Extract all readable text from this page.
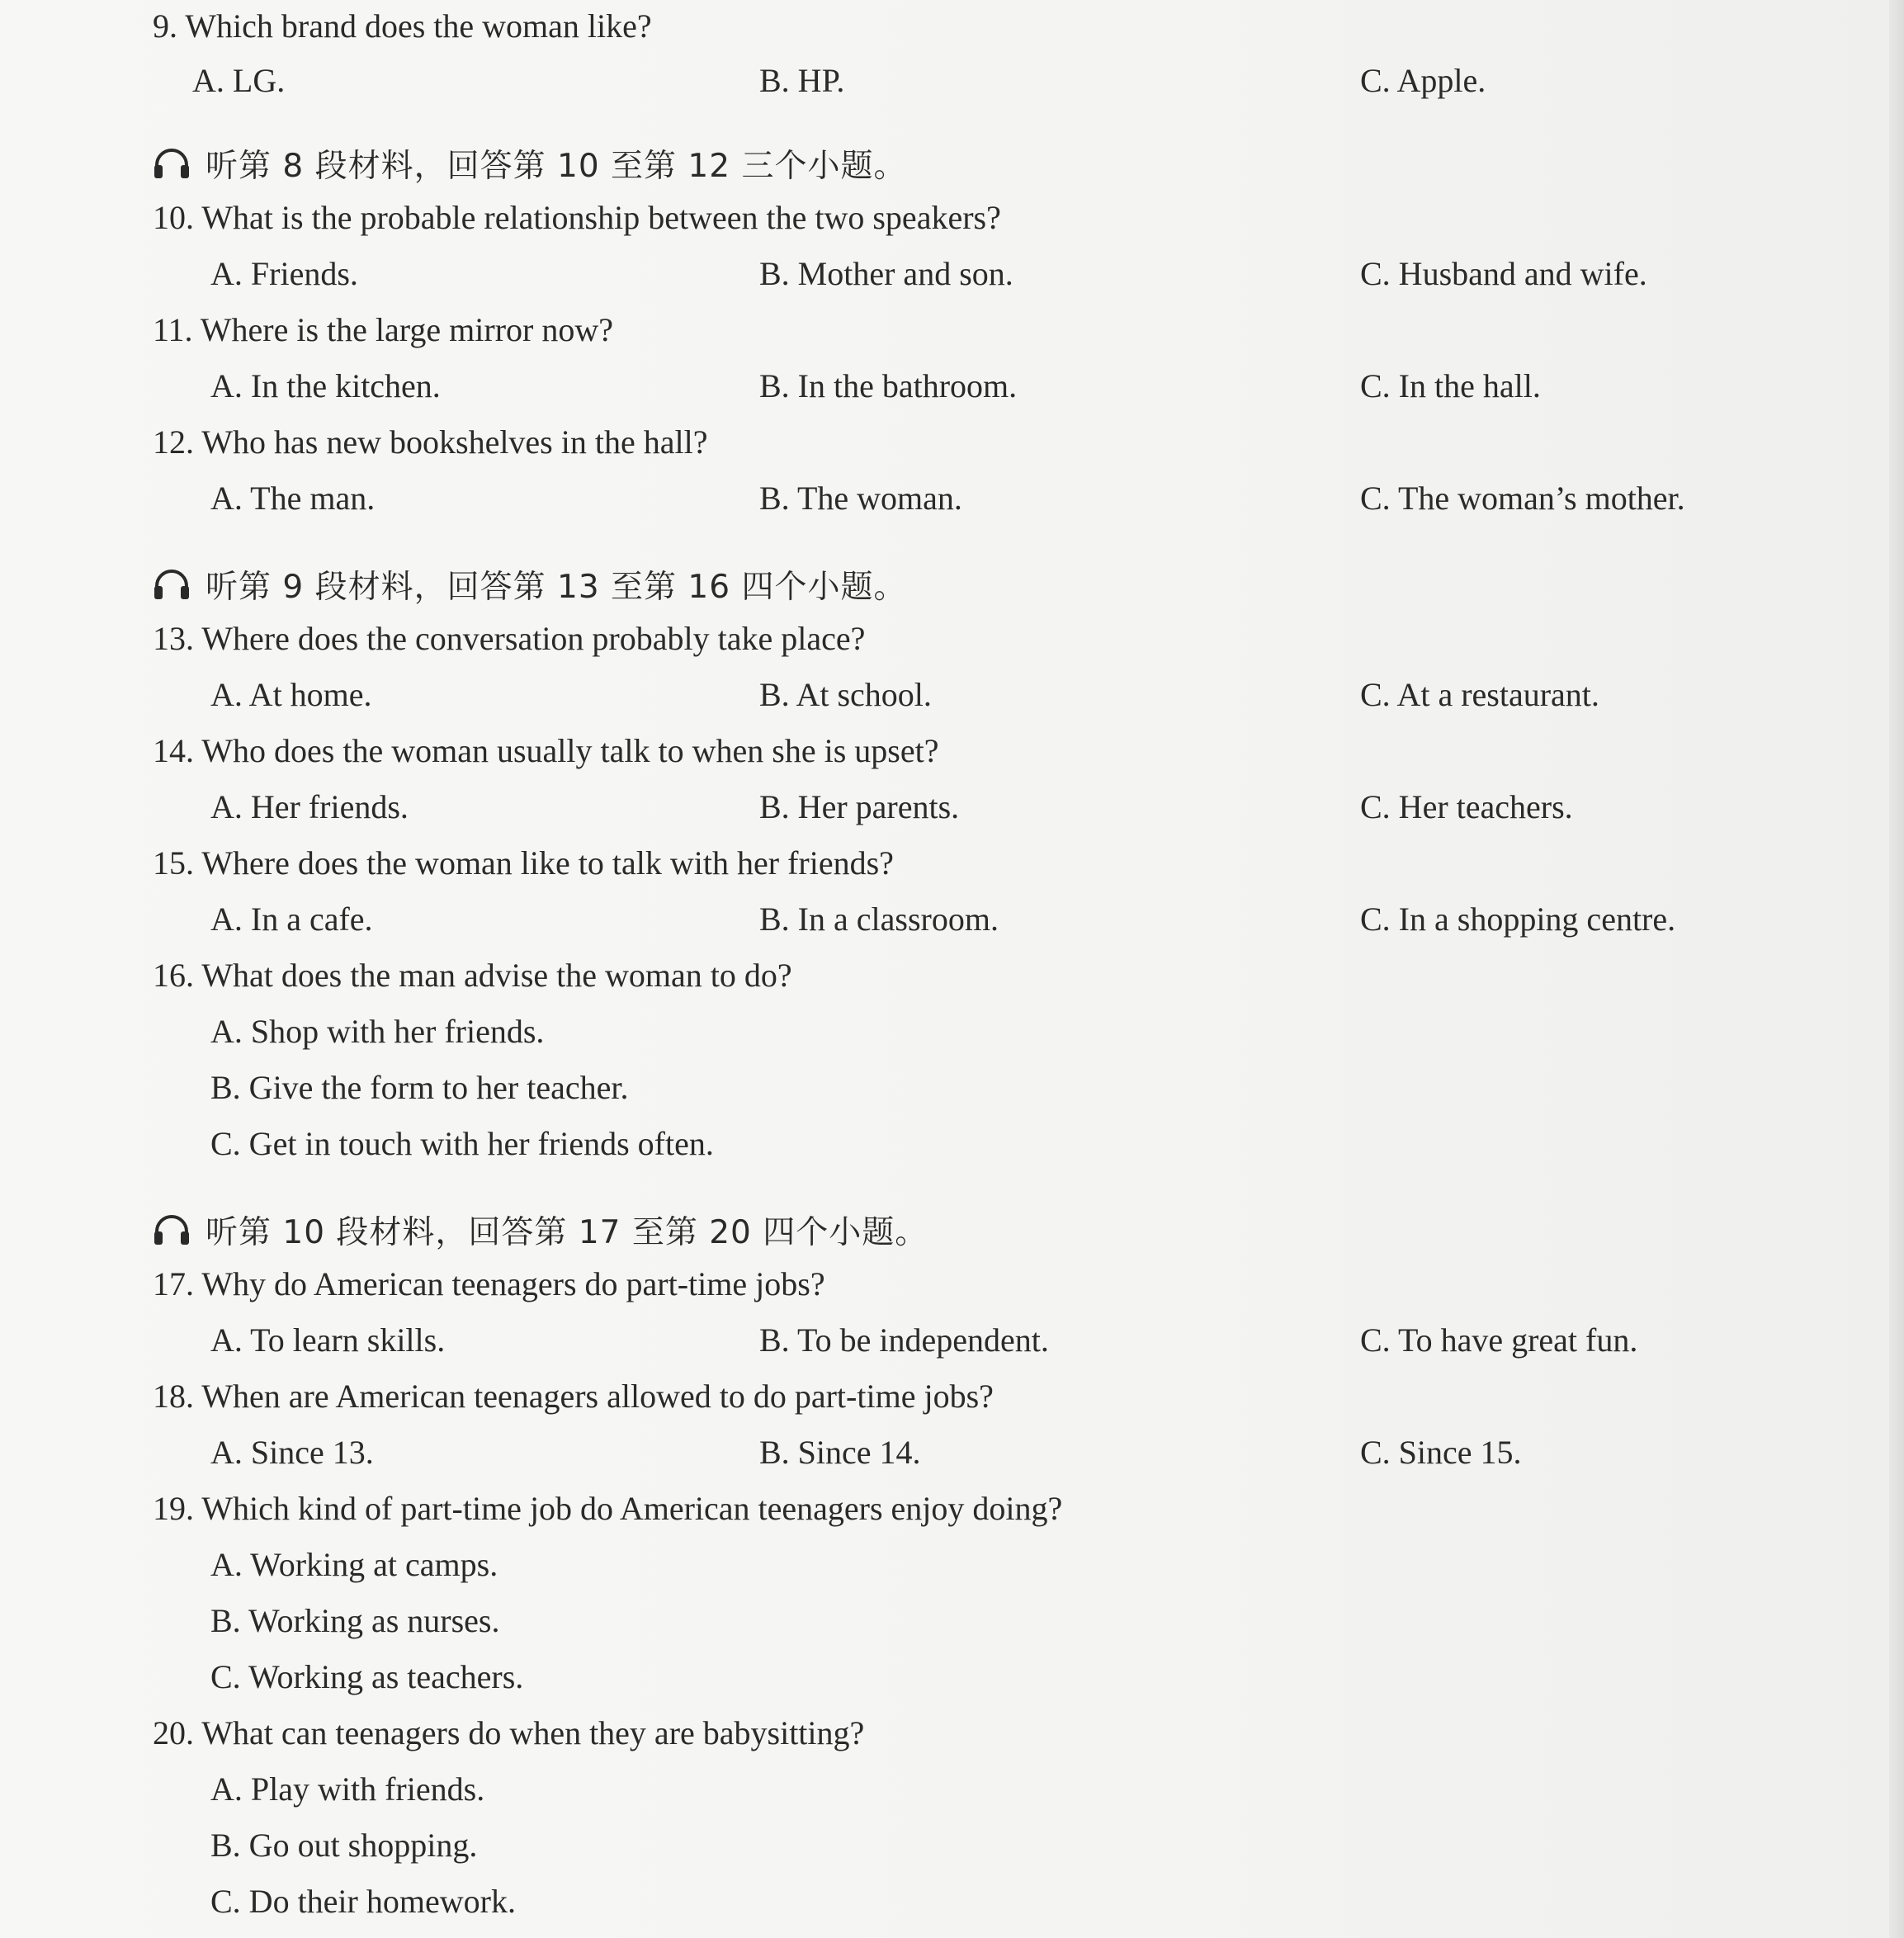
9. Which brand does the woman like?
A. LG.	B. HP.	C. Apple.
听第 8 段材料，回答第 10 至第 12 三个小题。
10. What is the probable relationship between the two speakers?
A. Friends.	B. Mother and son.	C. Husband and wife.
11. Where is the large mirror now?
A. In the kitchen.	B. In the bathroom.	C. In the hall.
12. Who has new bookshelves in the hall?
A. The man.	B. The woman.	C. The woman’s mother.
听第 9 段材料，回答第 13 至第 16 四个小题。
13. Where does the conversation probably take place?
A. At home.	B. At school.	C. At a restaurant.
14. Who does the woman usually talk to when she is upset?
A. Her friends.	B. Her parents.	C. Her teachers.
15. Where does the woman like to talk with her friends?
A. In a cafe.	B. In a classroom.	C. In a shopping centre.
16. What does the man advise the woman to do?
A. Shop with her friends.
B. Give the form to her teacher.
C. Get in touch with her friends often.
听第 10 段材料，回答第 17 至第 20 四个小题。
17. Why do American teenagers do part-time jobs?
A. To learn skills.	B. To be independent.	C. To have great fun.
18. When are American teenagers allowed to do part-time jobs?
A. Since 13.	B. Since 14.	C. Since 15.
19. Which kind of part-time job do American teenagers enjoy doing?
A. Working at camps.
B. Working as nurses.
C. Working as teachers.
20. What can teenagers do when they are babysitting?
A. Play with friends.
B. Go out shopping.
C. Do their homework.
